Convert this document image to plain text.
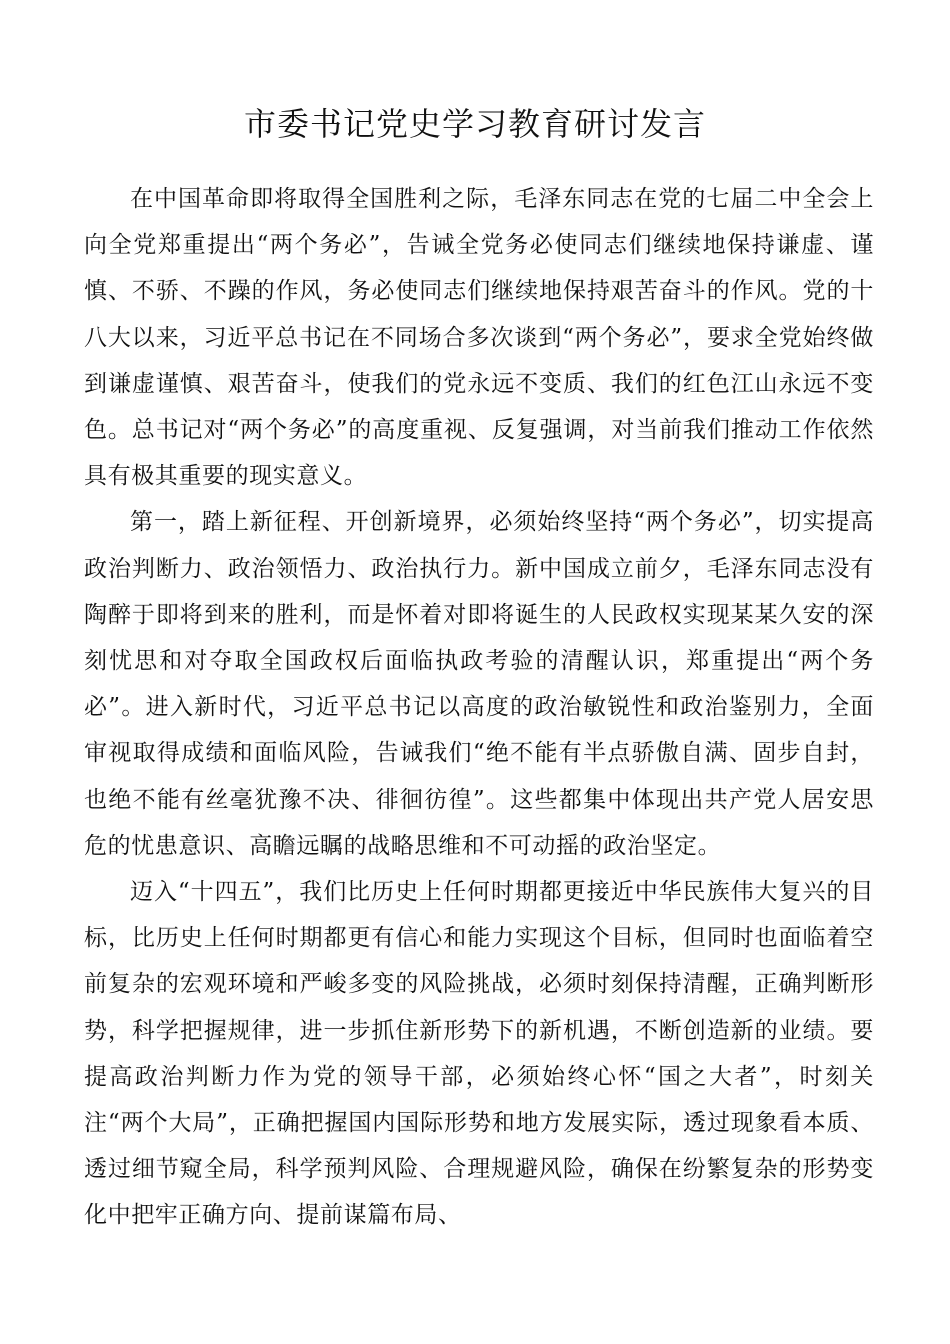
市委书记党史学习教育研讨发言

在中国革命即将取得全国胜利之际，毛泽东同志在党的七届二中全会上向全党郑重提出“两个务必”，告诫全党务必使同志们继续地保持谦虚、谨慎、不骄、不躁的作风，务必使同志们继续地保持艰苦奋斗的作风。党的十八大以来，习近平总书记在不同场合多次谈到“两个务必”，要求全党始终做到谦虚谨慎、艰苦奋斗，使我们的党永远不变质、我们的红色江山永远不变色。总书记对“两个务必”的高度重视、反复强调，对当前我们推动工作依然具有极其重要的现实意义。

第一，踏上新征程、开创新境界，必须始终坚持“两个务必”，切实提高政治判断力、政治领悟力、政治执行力。新中国成立前夕，毛泽东同志没有陶醉于即将到来的胜利，而是怀着对即将诞生的人民政权实现某某久安的深刻忧思和对夺取全国政权后面临执政考验的清醒认识，郑重提出“两个务必”。进入新时代，习近平总书记以高度的政治敏锐性和政治鉴别力，全面审视取得成绩和面临风险，告诫我们“绝不能有半点骄傲自满、固步自封，也绝不能有丝毫犹豫不决、徘徊彷徨”。这些都集中体现出共产党人居安思危的忧患意识、高瞻远瞩的战略思维和不可动摇的政治坚定。

迈入“十四五”，我们比历史上任何时期都更接近中华民族伟大复兴的目标，比历史上任何时期都更有信心和能力实现这个目标，但同时也面临着空前复杂的宏观环境和严峻多变的风险挑战，必须时刻保持清醒，正确判断形势，科学把握规律，进一步抓住新形势下的新机遇，不断创造新的业绩。要提高政治判断力作为党的领导干部，必须始终心怀“国之大者”，时刻关注“两个大局”，正确把握国内国际形势和地方发展实际，透过现象看本质、透过细节窥全局，科学预判风险、合理规避风险，确保在纷繁复杂的形势变化中把牢正确方向、提前谋篇布局、
